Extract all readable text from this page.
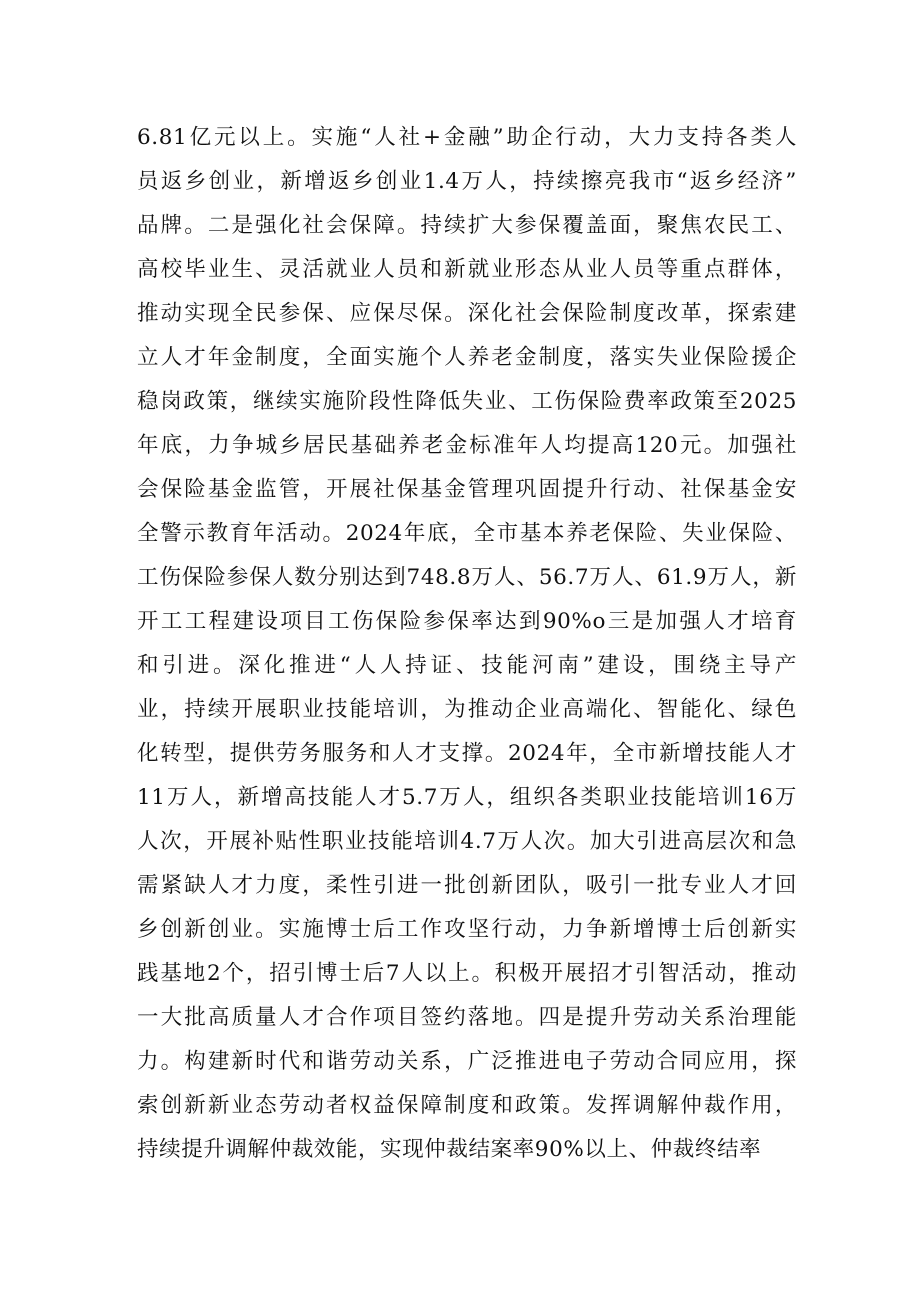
6.81亿元以上。实施“人社+金融”助企行动，大力支持各类人
员返乡创业，新增返乡创业1.4万人，持续擦亮我市“返乡经济”
品牌。二是强化社会保障。持续扩大参保覆盖面，聚焦农民工、
高校毕业生、灵活就业人员和新就业形态从业人员等重点群体，
推动实现全民参保、应保尽保。深化社会保险制度改革，探索建
立人才年金制度，全面实施个人养老金制度，落实失业保险援企
稳岗政策，继续实施阶段性降低失业、工伤保险费率政策至2025
年底，力争城乡居民基础养老金标准年人均提高120元。加强社
会保险基金监管，开展社保基金管理巩固提升行动、社保基金安
全警示教育年活动。2024年底，全市基本养老保险、失业保险、
工伤保险参保人数分别达到748.8万人、56.7万人、61.9万人，新
开工工程建设项目工伤保险参保率达到90%o三是加强人才培育
和引进。深化推进“人人持证、技能河南”建设，围绕主导产
业，持续开展职业技能培训，为推动企业高端化、智能化、绿色
化转型，提供劳务服务和人才支撑。2024年，全市新增技能人才
11万人，新增高技能人才5.7万人，组织各类职业技能培训16万
人次，开展补贴性职业技能培训4.7万人次。加大引进高层次和急
需紧缺人才力度，柔性引进一批创新团队，吸引一批专业人才回
乡创新创业。实施博士后工作攻坚行动，力争新增博士后创新实
践基地2个，招引博士后7人以上。积极开展招才引智活动，推动
一大批高质量人才合作项目签约落地。四是提升劳动关系治理能
力。构建新时代和谐劳动关系，广泛推进电子劳动合同应用，探
索创新新业态劳动者权益保障制度和政策。发挥调解仲裁作用，
持续提升调解仲裁效能，实现仲裁结案率90%以上、仲裁终结率
